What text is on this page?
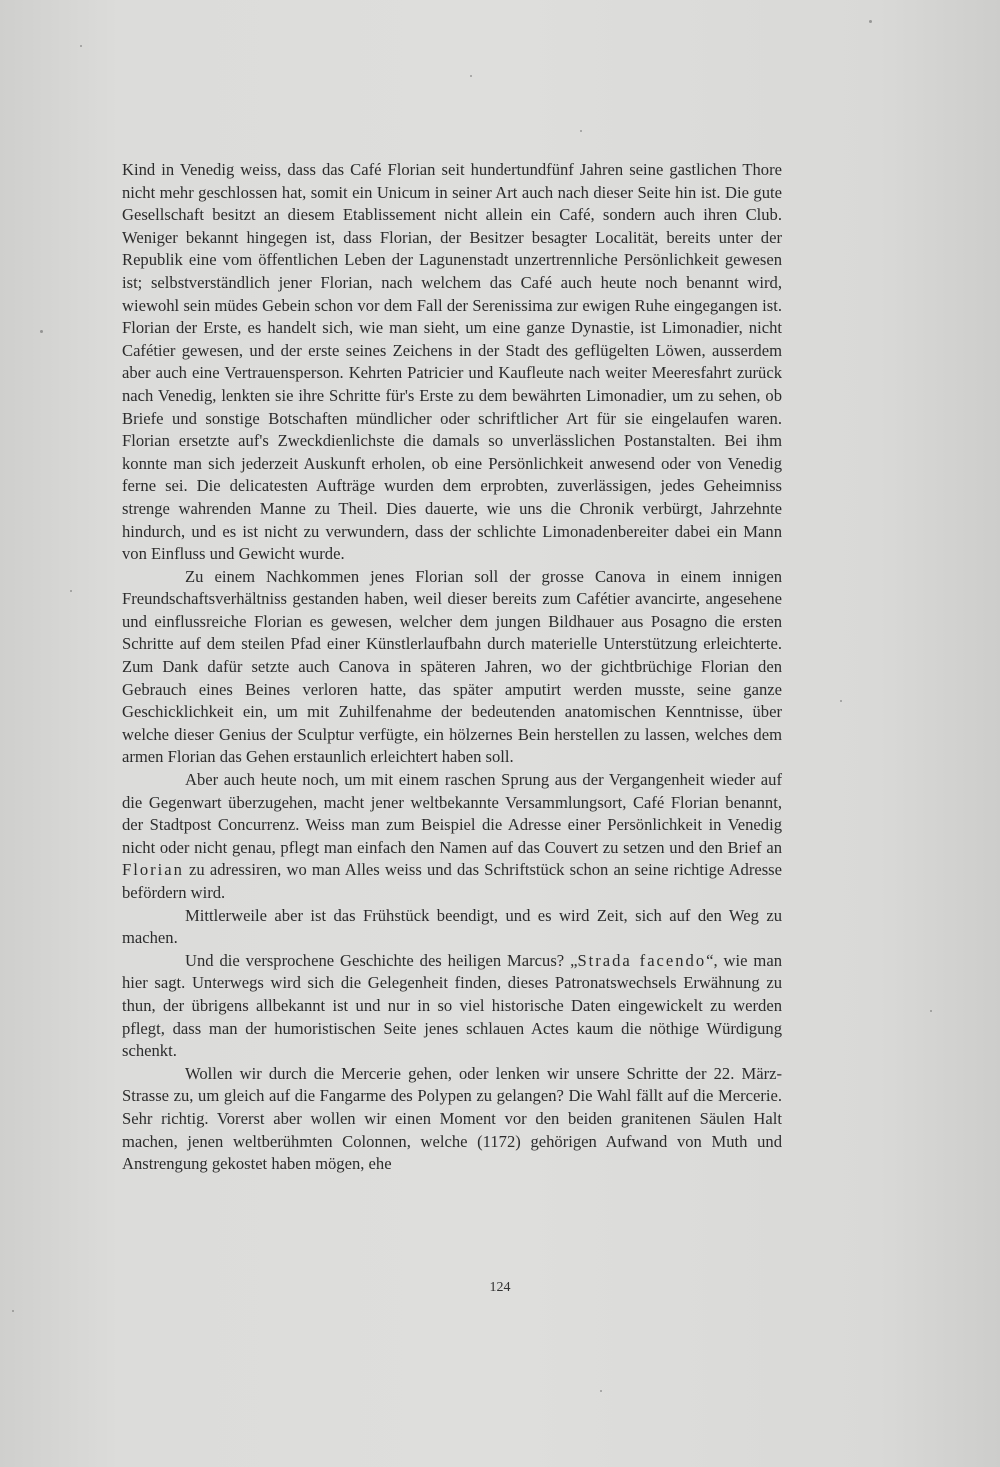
Kind in Venedig weiss, dass das Café Florian seit hundertundfünf Jahren seine gastlichen Thore nicht mehr geschlossen hat, somit ein Unicum in seiner Art auch nach dieser Seite hin ist. Die gute Gesellschaft besitzt an diesem Etablissement nicht allein ein Café, sondern auch ihren Club. Weniger bekannt hingegen ist, dass Florian, der Besitzer besagter Localität, bereits unter der Republik eine vom öffentlichen Leben der Lagunenstadt unzertrennliche Persönlichkeit gewesen ist; selbstverständlich jener Florian, nach welchem das Café auch heute noch benannt wird, wiewohl sein müdes Gebein schon vor dem Fall der Serenissima zur ewigen Ruhe eingegangen ist. Florian der Erste, es handelt sich, wie man sieht, um eine ganze Dynastie, ist Limonadier, nicht Cafétier gewesen, und der erste seines Zeichens in der Stadt des geflügelten Löwen, ausserdem aber auch eine Vertrauensperson. Kehrten Patricier und Kaufleute nach weiter Meeresfahrt zurück nach Venedig, lenkten sie ihre Schritte für's Erste zu dem bewährten Limonadier, um zu sehen, ob Briefe und sonstige Botschaften mündlicher oder schriftlicher Art für sie eingelaufen waren. Florian ersetzte auf's Zweckdienlichste die damals so unverlässlichen Postanstalten. Bei ihm konnte man sich jederzeit Auskunft erholen, ob eine Persönlichkeit anwesend oder von Venedig ferne sei. Die delicatesten Aufträge wurden dem erprobten, zuverlässigen, jedes Geheimniss strenge wahrenden Manne zu Theil. Dies dauerte, wie uns die Chronik verbürgt, Jahrzehnte hindurch, und es ist nicht zu verwundern, dass der schlichte Limonadenbereiter dabei ein Mann von Einfluss und Gewicht wurde.

Zu einem Nachkommen jenes Florian soll der grosse Canova in einem innigen Freundschaftsverhältniss gestanden haben, weil dieser bereits zum Cafétier avancirte, angesehene und einflussreiche Florian es gewesen, welcher dem jungen Bildhauer aus Posagno die ersten Schritte auf dem steilen Pfad einer Künstlerlaufbahn durch materielle Unterstützung erleichterte. Zum Dank dafür setzte auch Canova in späteren Jahren, wo der gichtbrüchige Florian den Gebrauch eines Beines verloren hatte, das später amputirt werden musste, seine ganze Geschicklichkeit ein, um mit Zuhilfenahme der bedeutenden anatomischen Kenntnisse, über welche dieser Genius der Sculptur verfügte, ein hölzernes Bein herstellen zu lassen, welches dem armen Florian das Gehen erstaunlich erleichtert haben soll.

Aber auch heute noch, um mit einem raschen Sprung aus der Vergangenheit wieder auf die Gegenwart überzugehen, macht jener weltbekannte Versammlungsort, Café Florian benannt, der Stadtpost Concurrenz. Weiss man zum Beispiel die Adresse einer Persönlichkeit in Venedig nicht oder nicht genau, pflegt man einfach den Namen auf das Couvert zu setzen und den Brief an Florian zu adressiren, wo man Alles weiss und das Schriftstück schon an seine richtige Adresse befördern wird.

Mittlerweile aber ist das Frühstück beendigt, und es wird Zeit, sich auf den Weg zu machen.

Und die versprochene Geschichte des heiligen Marcus? „Strada facendo“, wie man hier sagt. Unterwegs wird sich die Gelegenheit finden, dieses Patronatswechsels Erwähnung zu thun, der übrigens allbekannt ist und nur in so viel historische Daten eingewickelt zu werden pflegt, dass man der humoristischen Seite jenes schlauen Actes kaum die nöthige Würdigung schenkt.

Wollen wir durch die Mercerie gehen, oder lenken wir unsere Schritte der 22. März-Strasse zu, um gleich auf die Fangarme des Polypen zu gelangen? Die Wahl fällt auf die Mercerie. Sehr richtig. Vorerst aber wollen wir einen Moment vor den beiden granitenen Säulen Halt machen, jenen weltberühmten Colonnen, welche (1172) gehörigen Aufwand von Muth und Anstrengung gekostet haben mögen, ehe

124
